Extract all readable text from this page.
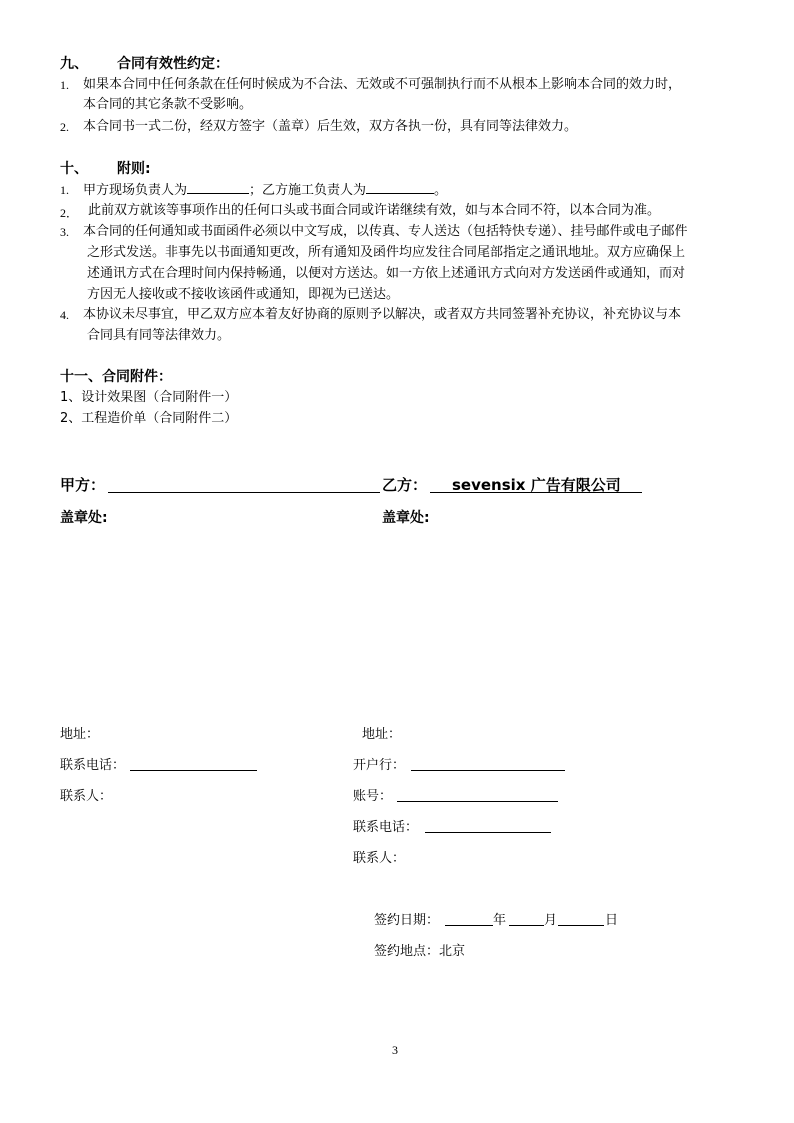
九、 合同有效性约定：
1. 如果本合同中任何条款在任何时候成为不合法、无效或不可强制执行而不从根本上影响本合同的效力时，
本合同的其它条款不受影响。
2. 本合同书一式二份，经双方签字（盖章）后生效，双方各执一份，具有同等法律效力。
十、 附则:
1. 甲方现场负责人为	；乙方施工负责人为	。
2． 此前双方就该等事项作出的任何口头或书面合同或许诺继续有效，如与本合同不符，以本合同为准。
3. 本合同的任何通知或书面函件必须以中文写成，以传真、专人送达（包括特快专递）、挂号邮件或电子邮件
之形式发送。非事先以书面通知更改，所有通知及函件均应发往合同尾部指定之通讯地址。双方应确保上
述通讯方式在合理时间内保持畅通，以便对方送达。如一方依上述通讯方式向对方发送函件或通知，而对
方因无人接收或不接收该函件或通知，即视为已送达。
4. 本协议未尽事宜，甲乙双方应本着友好协商的原则予以解决，或者双方共同签署补充协议，补充协议与本
合同具有同等法律效力。
十一、合同附件：
1、设计效果图（合同附件一）
2、工程造价单（合同附件二）
甲方：	乙方： sevensix 广告有限公司
盖章处:	盖章处:
地址：
联系电话：
联系人：
地址：
开户行：
账号：
联系电话：
联系人：
签约日期：	年	月	日
签约地点：北京
3
